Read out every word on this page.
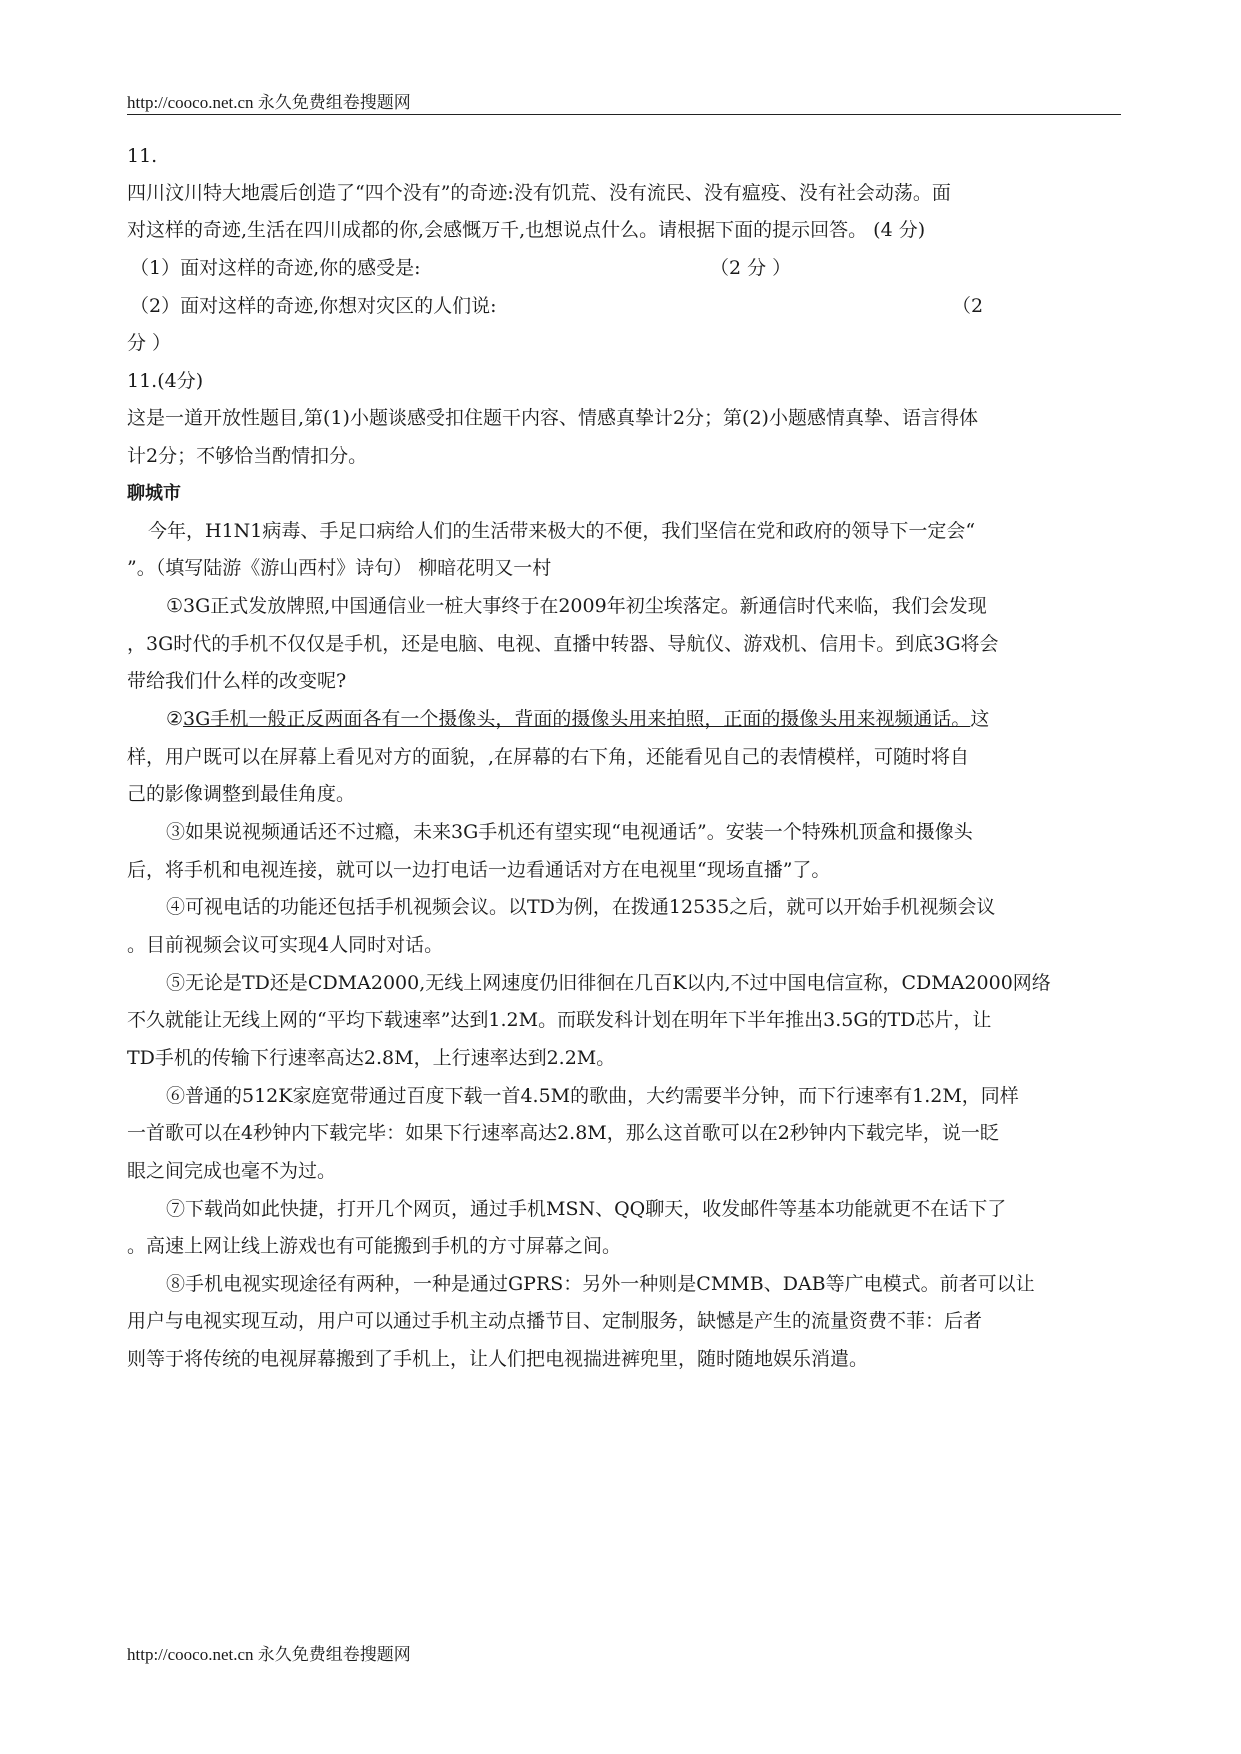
http://cooco.net.cn 永久免费组卷搜题网
11.
四川汶川特大地震后创造了“四个没有”的奇迹:没有饥荒、没有流民、没有瘟疫、没有社会动荡。面
对这样的奇迹,生活在四川成都的你,会感慨万千,也想说点什么。请根据下面的提示回答。 (4 分)
（1）面对这样的奇迹,你的感受是:	（2 分 ）
（2）面对这样的奇迹,你想对灾区的人们说:	（2
分 ）
11.(4分)
这是一道开放性题目,第(1)小题谈感受扣住题干内容、情感真挚计2分；第(2)小题感情真挚、语言得体
计2分；不够恰当酌情扣分。
聊城市
今年，H1N1病毒、手足口病给人们的生活带来极大的不便，我们坚信在党和政府的领导下一定会“
”。（填写陆游《游山西村》诗句） 柳暗花明又一村
①3G正式发放牌照,中国通信业一桩大事终于在2009年初尘埃落定。新通信时代来临，我们会发现
，3G时代的手机不仅仅是手机，还是电脑、电视、直播中转器、导航仪、游戏机、信用卡。到底3G将会
带给我们什么样的改变呢?
②3G手机一般正反两面各有一个摄像头，背面的摄像头用来拍照，正面的摄像头用来视频通话。这
样，用户既可以在屏幕上看见对方的面貌，,在屏幕的右下角，还能看见自己的表情模样，可随时将自
己的影像调整到最佳角度。
③如果说视频通话还不过瘾，未来3G手机还有望实现“电视通话”。安装一个特殊机顶盒和摄像头
后，将手机和电视连接，就可以一边打电话一边看通话对方在电视里“现场直播”了。
④可视电话的功能还包括手机视频会议。以TD为例，在拨通12535之后，就可以开始手机视频会议
。目前视频会议可实现4人同时对话。
⑤无论是TD还是CDMA2000,无线上网速度仍旧徘徊在几百K以内,不过中国电信宣称，CDMA2000网络
不久就能让无线上网的“平均下载速率”达到1.2M。而联发科计划在明年下半年推出3.5G的TD芯片，让
TD手机的传输下行速率高达2.8M，上行速率达到2.2M。
⑥普通的512K家庭宽带通过百度下载一首4.5M的歌曲，大约需要半分钟，而下行速率有1.2M，同样
一首歌可以在4秒钟内下载完毕：如果下行速率高达2.8M，那么这首歌可以在2秒钟内下载完毕，说一眨
眼之间完成也毫不为过。
⑦下载尚如此快捷，打开几个网页，通过手机MSN、QQ聊天，收发邮件等基本功能就更不在话下了
。高速上网让线上游戏也有可能搬到手机的方寸屏幕之间。
⑧手机电视实现途径有两种，一种是通过GPRS：另外一种则是CMMB、DAB等广电模式。前者可以让
用户与电视实现互动，用户可以通过手机主动点播节目、定制服务，缺憾是产生的流量资费不菲：后者
则等于将传统的电视屏幕搬到了手机上，让人们把电视揣进裤兜里，随时随地娱乐消遣。
http://cooco.net.cn 永久免费组卷搜题网
